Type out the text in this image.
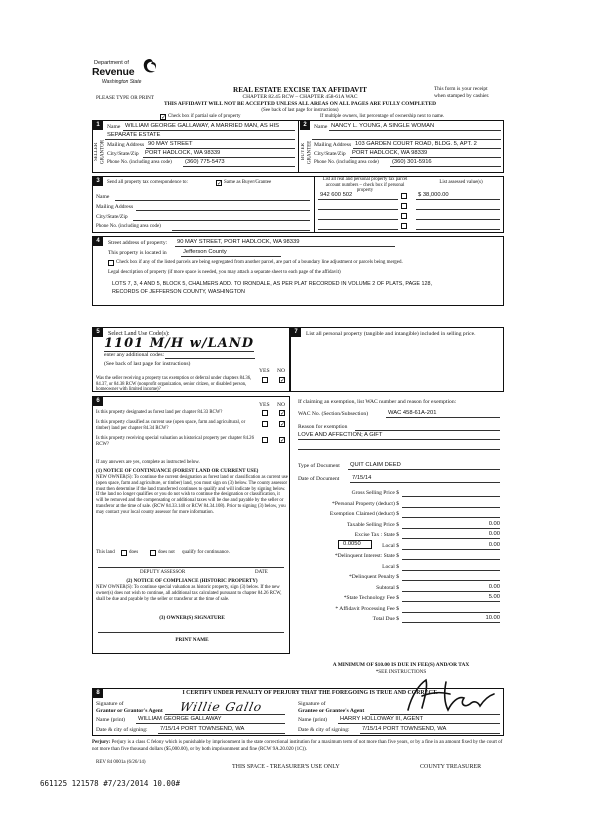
Department of
Revenue
Washington State
PLEASE TYPE OR PRINT
REAL ESTATE EXCISE TAX AFFIDAVIT
CHAPTER 82.45 RCW – CHAPTER 458-61A WAC
THIS AFFIDAVIT WILL NOT BE ACCEPTED UNLESS ALL AREAS ON ALL PAGES ARE FULLY COMPLETED
(See back of last page for instructions)
This form is your receipt
when stamped by cashier.
✓ Check box if partial sale of property	If multiple owners, list percentage of ownership next to name.
1
SELLER GRANTOR
Name WILLIAM GEORGE GALLAWAY, A MARRIED MAN, AS HIS
SEPARATE ESTATE
Mailing Address 90 MAY STREET
City/State/Zip PORT HADLOCK, WA 98339
Phone No. (including area code) (360) 775-5473
2
BUYER GRANTEE
Name NANCY L. YOUNG, A SINGLE WOMAN
Mailing Address 103 GARDEN COURT ROAD, BLDG. 5, APT. 2
City/State/Zip PORT HADLOCK, WA 98339
Phone No. (including area code) (360) 301-5916
3	Send all property tax correspondence to:	✓ Same as Buyer/Grantee
Name
Mailing Address
City/State/Zip
Phone No. (including area code)
List all real and personal property tax parcel account numbers – check box if personal property
List assessed value(s)
942 600 502	$ 38,000.00
4	Street address of property: 90 MAY STREET, PORT HADLOCK, WA 98339
This property is located in	Jefferson County
Check box if any of the listed parcels are being segregated from another parcel, are part of a boundary line adjustment or parcels being merged.
Legal description of property (if more space is needed, you may attach a separate sheet to each page of the affidavit)
LOTS 7, 3, 4 AND 5, BLOCK 5, CHALMERS ADD. TO IRONDALE, AS PER PLAT RECORDED IN VOLUME 2 OF PLATS, PAGE 128,
RECORDS OF JEFFERSON COUNTY, WASHINGTON
5	Select Land Use Code(s):
1101 M/H w/LAND
enter any additional codes:
(See back of last page for instructions)
YES NO
Was the seller receiving a property tax exemption or deferral under chapters 84.36, 84.37, or 84.38 RCW (nonprofit organization, senior citizen, or disabled person, homeowner with limited income)?
✓
7	List all personal property (tangible and intangible) included in selling price.
6
YES NO
Is this property designated as forest land per chapter 84.33 RCW?	✓
Is this property classified as current use (open space, farm and agricultural, or timber) land per chapter 84.34 RCW?
✓
Is this property receiving special valuation as historical property per chapter 84.26 RCW?
✓
If any answers are yes, complete as instructed below.
(1) NOTICE OF CONTINUANCE (FOREST LAND OR CURRENT USE)
NEW OWNER(S): To continue the current designation as forest land or classification as current use (open space, farm and agriculture, or timber) land, you must sign on (3) below. The county assessor must then determine if the land transferred continues to qualify and will indicate by signing below. If the land no longer qualifies or you do not wish to continue the designation or classification, it will be removed and the compensating or additional taxes will be due and payable by the seller or transferor at the time of sale. (RCW 84.33.140 or RCW 84.34.108). Prior to signing (3) below, you may contact your local county assessor for more information.
This land	does	does not qualify for continuance.
DEPUTY ASSESSOR	DATE
(2) NOTICE OF COMPLIANCE (HISTORIC PROPERTY)
NEW OWNER(S): To continue special valuation as historic property, sign (3) below. If the new owner(s) does not wish to continue, all additional tax calculated pursuant to chapter 84.26 RCW, shall be due and payable by the seller or transferor at the time of sale.
(3) OWNER(S) SIGNATURE
PRINT NAME
If claiming an exemption, list WAC number and reason for exemption:
WAC No. (Section/Subsection)	WAC 458-61A-201
Reason for exemption
LOVE AND AFFECTION; A GIFT
Type of Document QUIT CLAIM DEED
Date of Document 7/15/14
Gross Selling Price $
*Personal Property (deduct) $
Exemption Claimed (deduct) $
Taxable Selling Price $	0.00
Excise Tax : State $	0.00
Local $	0.00
*Delinquent Interest: State $
Local $
*Delinquent Penalty $
Subtotal $	0.00
*State Technology Fee $	5.00
* Affidavit Processing Fee $
Total Due $	10.00
0.0050
A MINIMUM OF $10.00 IS DUE IN FEE(S) AND/OR TAX
*SEE INSTRUCTIONS
8	I CERTIFY UNDER PENALTY OF PERJURY THAT THE FOREGOING IS TRUE AND CORRECT.
Signature of
Grantor or Grantor's Agent Willie Gallo
Name (print) WILLIAM GEORGE GALLAWAY
Date & city of signing: 7/15/14 PORT TOWNSEND, WA
Signature of
Grantee or Grantee's Agent
Name (print) HARRY HOLLOWAY III, AGENT
Date & city of signing: 7/15/14 PORT TOWNSEND, WA
Perjury: Perjury is a class C felony which is punishable by imprisonment in the state correctional institution for a maximum term of not more than five years, or by a fine in an amount fixed by the court of not more than five thousand dollars ($5,000.00), or by both imprisonment and fine (RCW 9A.20.020 (1C)).
REV 84 0001a (6/26/14)
THIS SPACE - TREASURER'S USE ONLY	COUNTY TREASURER
661125 121578 #7/23/2014 10.00#
